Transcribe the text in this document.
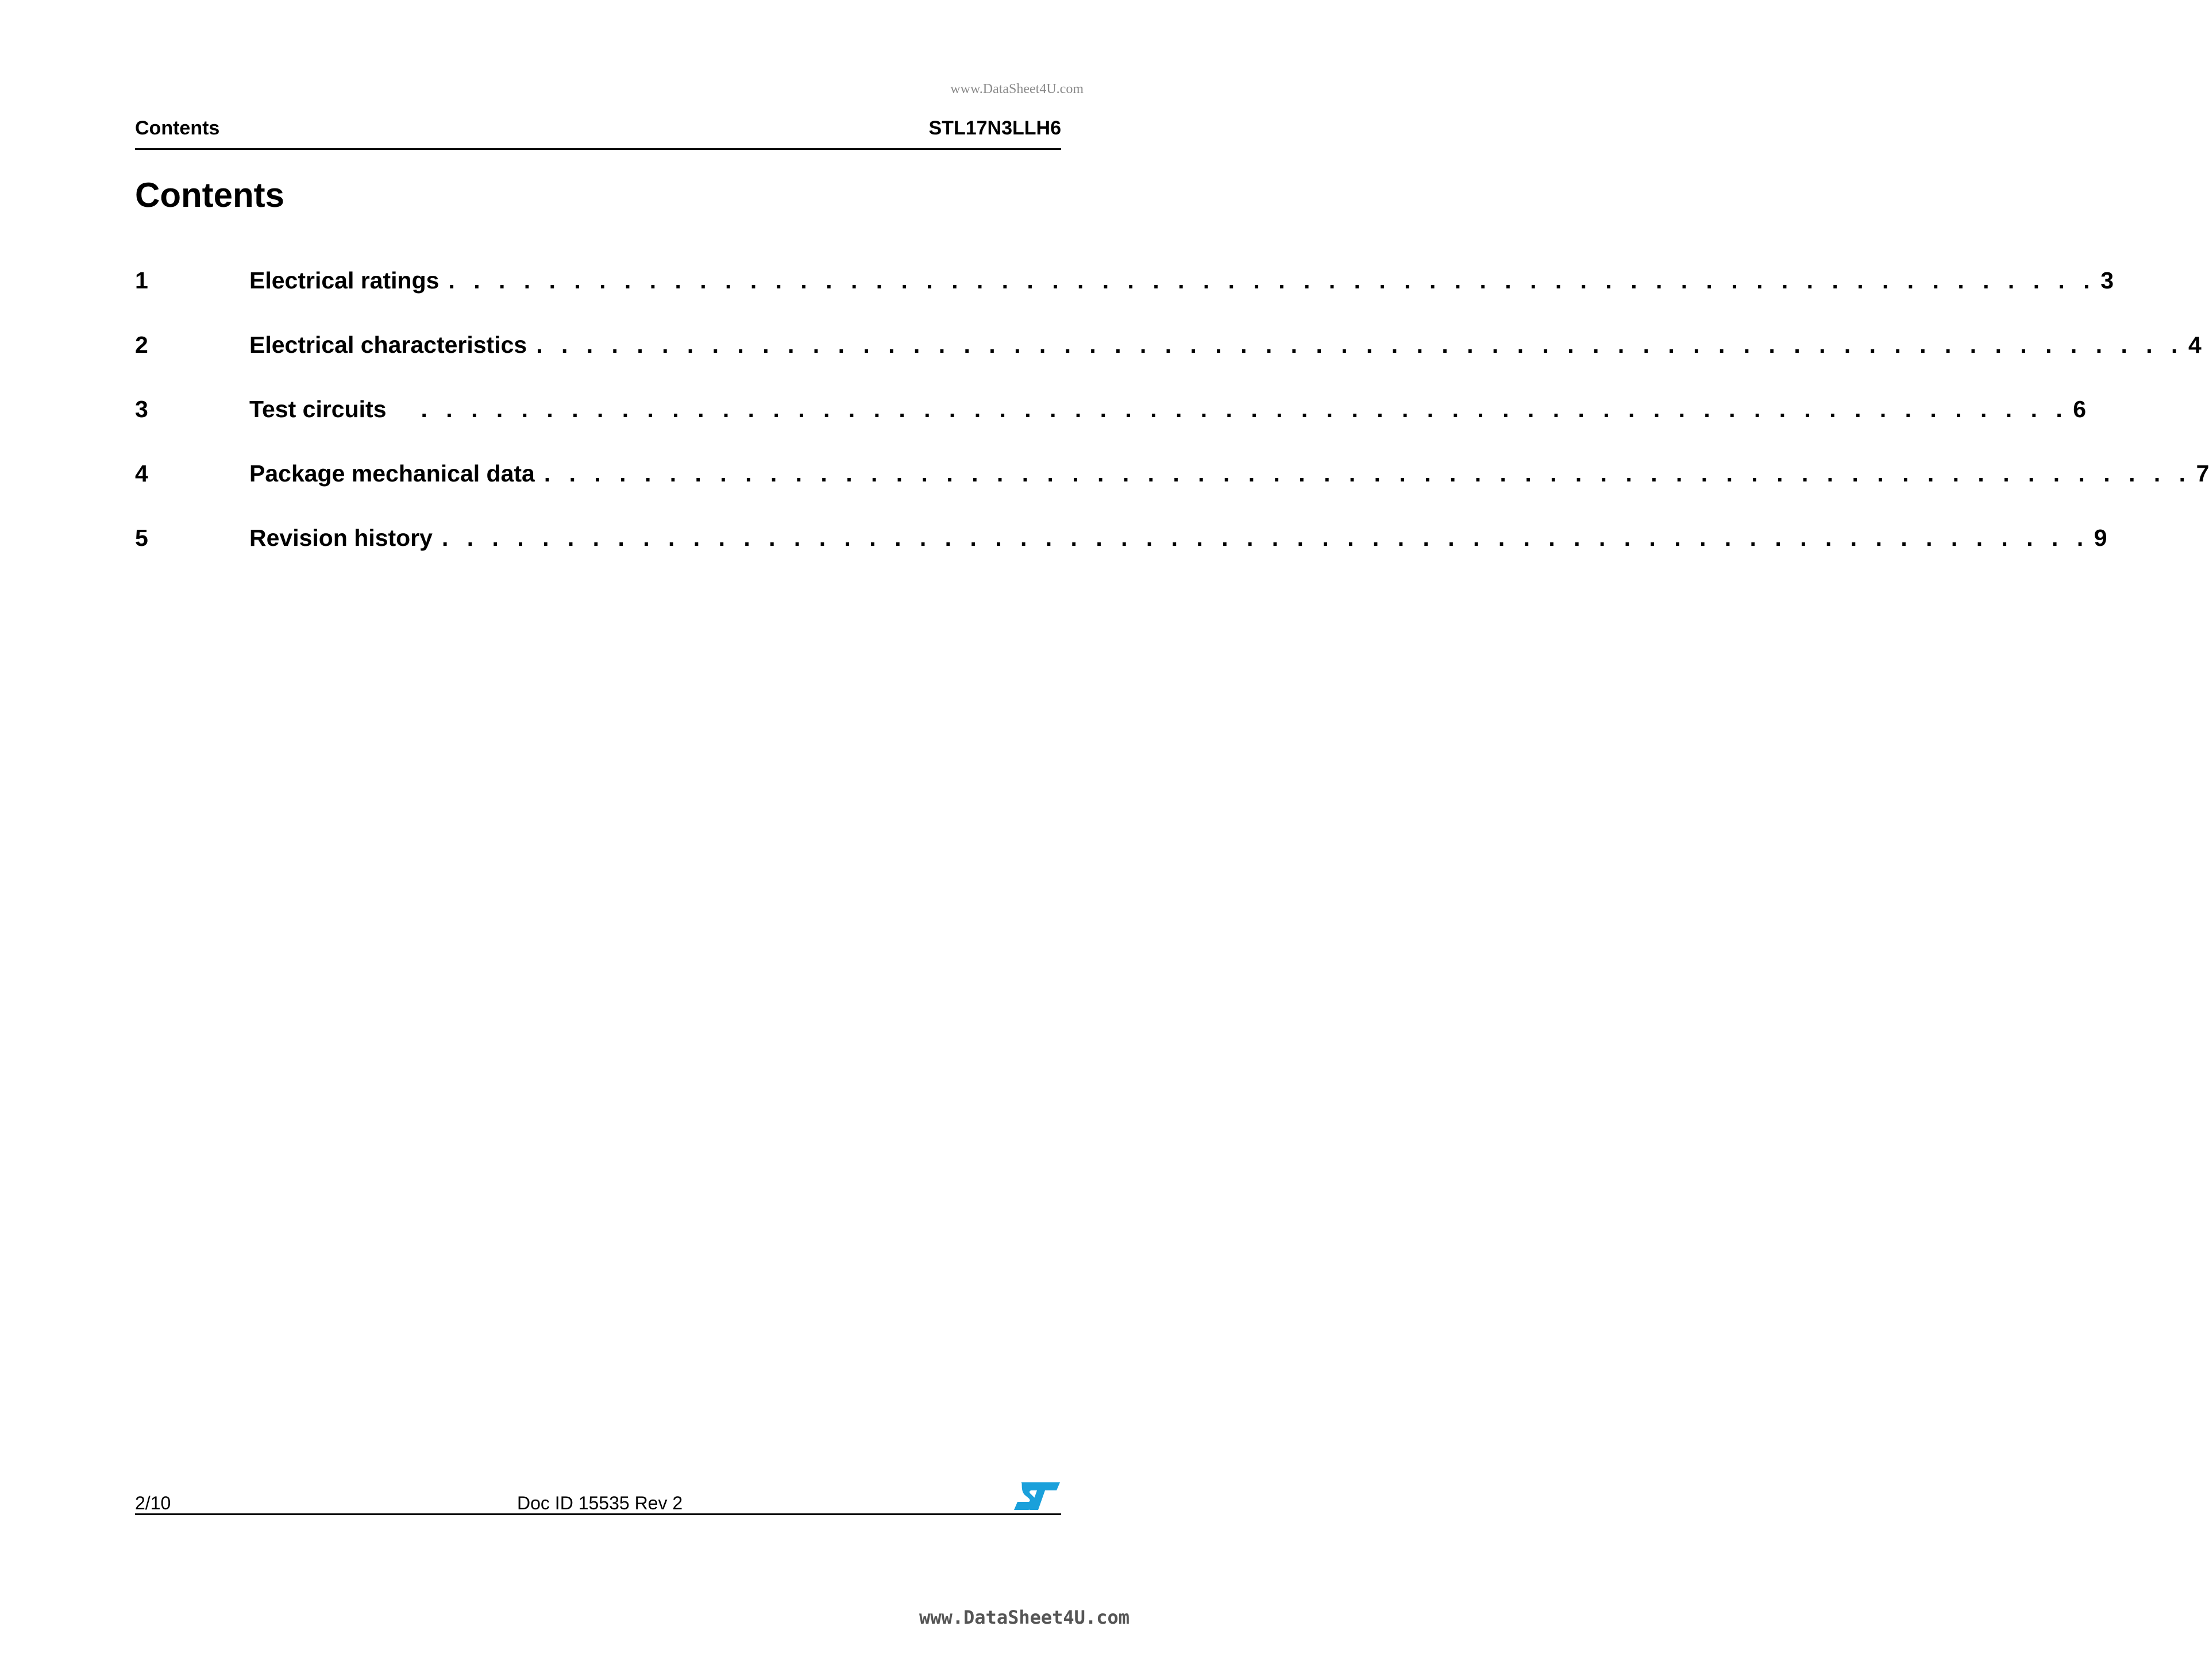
www.DataSheet4U.com
Contents	STL17N3LLH6
Contents
1	Electrical ratings . . . . . . . . . . . . . . . . . . . . . . . . . . . . . . . . . . . . . . . . . . . . . . . . . . . . . . . . . . . . . . . . . . 3
2	Electrical characteristics . . . . . . . . . . . . . . . . . . . . . . . . . . . . . . . . . . . . . . . . . . . . . . . . . . . . . . . . . . . . . . . . . . 4
3	Test circuits	. . . . . . . . . . . . . . . . . . . . . . . . . . . . . . . . . . . . . . . . . . . . . . . . . . . . . . . . . . . . . . . . . . 6
4	Package mechanical data . . . . . . . . . . . . . . . . . . . . . . . . . . . . . . . . . . . . . . . . . . . . . . . . . . . . . . . . . . . . . . . . . . 7
5	Revision history . . . . . . . . . . . . . . . . . . . . . . . . . . . . . . . . . . . . . . . . . . . . . . . . . . . . . . . . . . . . . . . . . . 9
2/10	Doc ID 15535 Rev 2
www.DataSheet4U.com
